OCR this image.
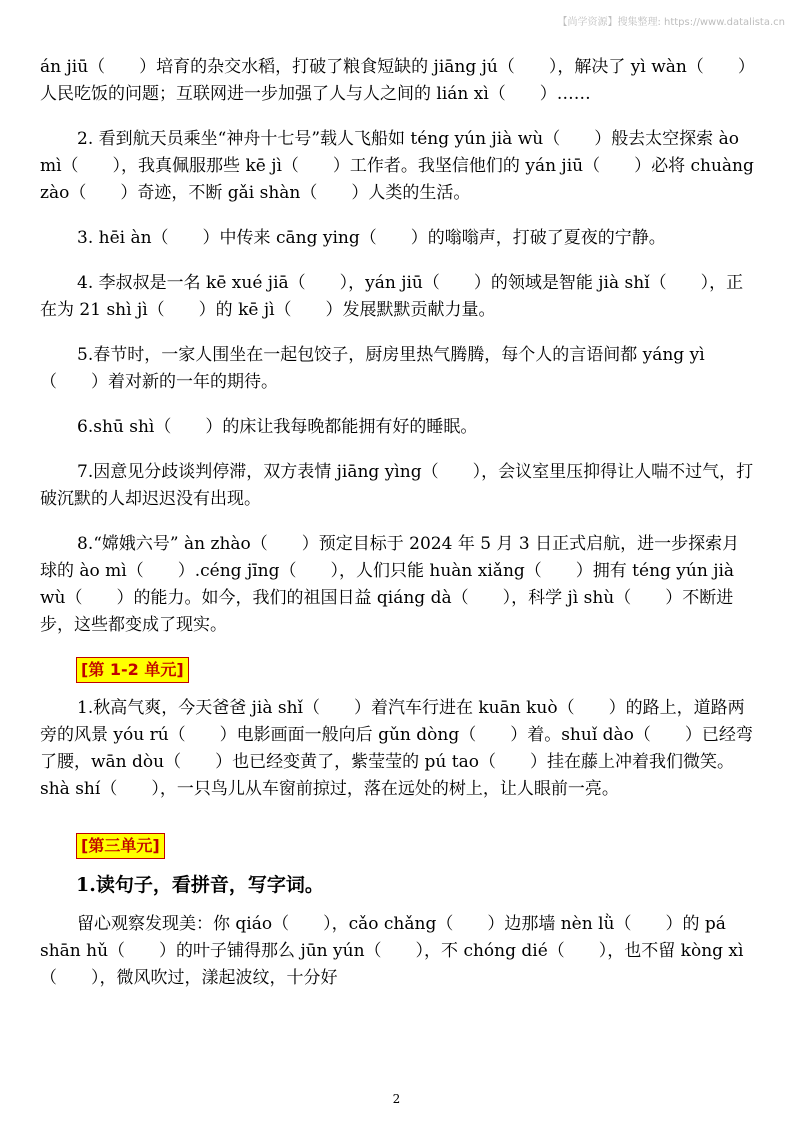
【尚学资源】搜集整理: https://www.datalista.cn

án jiū（　　）培育的杂交水稻，打破了粮食短缺的 jiāng jú（　　），解决了 yì wàn（　　）人民吃饭的问题；互联网进一步加强了人与人之间的 lián xì（　　）……

2. 看到航天员乘坐“神舟十七号”载人飞船如 téng yún jià wù（　　）般去太空探索 ào mì（　　），我真佩服那些 kē jì（　　）工作者。我坚信他们的 yán jiū（　　）必将 chuàng zào（　　）奇迹，不断 gǎi shàn（　　）人类的生活。

3. hēi àn（　　）中传来 cāng ying（　　）的嗡嗡声，打破了夏夜的宁静。

4. 李叔叔是一名 kē xué jiā（　　），yán jiū（　　）的领域是智能 jià shǐ（　　），正在为 21 shì jì（　　）的 kē jì（　　）发展默默贡献力量。

5.春节时，一家人围坐在一起包饺子，厨房里热气腾腾，每个人的言语间都 yáng yì（　　）着对新的一年的期待。

6.shū shì（　　）的床让我每晚都能拥有好的睡眠。

7.因意见分歧谈判停滞，双方表情 jiāng yìng（　　），会议室里压抑得让人喘不过气，打破沉默的人却迟迟没有出现。

8.“嫦娥六号” àn zhào（　　）预定目标于 2024 年 5 月 3 日正式启航，进一步探索月球的 ào mì（　　）.céng jīng（　　），人们只能 huàn xiǎng（　　）拥有 téng yún jià wù（　　）的能力。如今，我们的祖国日益 qiáng dà（　　），科学 jì shù（　　）不断进步，这些都变成了现实。

[第 1-2 单元]

1.秋高气爽，今天爸爸 jià shǐ（　　）着汽车行进在 kuān kuò（　　）的路上，道路两旁的风景 yóu rú（　　）电影画面一般向后 gǔn dòng（　　）着。shuǐ dào（　　）已经弯了腰，wān dòu（　　）也已经变黄了，紫莹莹的 pú tao（　　）挂在藤上冲着我们微笑。shà shí（　　），一只鸟儿从车窗前掠过，落在远处的树上，让人眼前一亮。

[第三单元]
1.读句子，看拼音，写字词。

留心观察发现美：你 qiáo（　　），cǎo chǎng（　　）边那墙 nèn lǜ（　　）的 pá shān hǔ（　　）的叶子铺得那么 jūn yún（　　），不 chóng dié（　　），也不留 kòng xì（　　），微风吹过，漾起波纹，十分好

2
